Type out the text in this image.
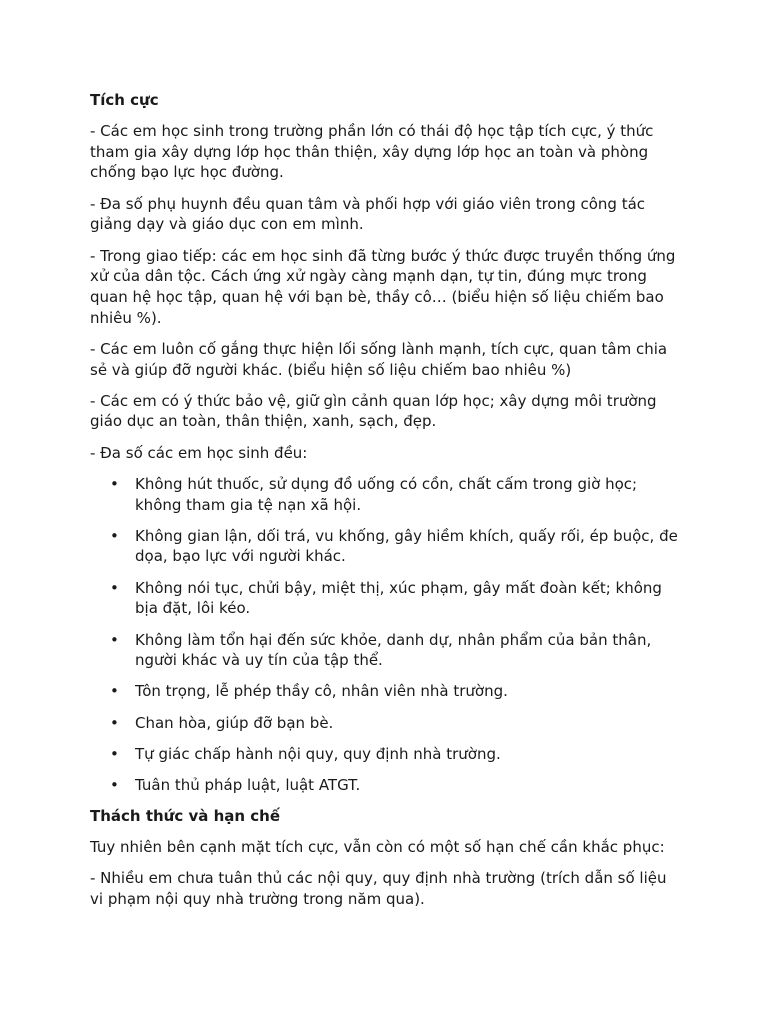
Tích cực

- Các em học sinh trong trường phần lớn có thái độ học tập tích cực, ý thức tham gia xây dựng lớp học thân thiện, xây dựng lớp học an toàn và phòng chống bạo lực học đường.

- Đa số phụ huynh đều quan tâm và phối hợp với giáo viên trong công tác giảng dạy và giáo dục con em mình.

- Trong giao tiếp: các em học sinh đã từng bước ý thức được truyền thống ứng xử của dân tộc. Cách ứng xử ngày càng mạnh dạn, tự tin, đúng mực trong quan hệ học tập, quan hệ với bạn bè, thầy cô… (biểu hiện số liệu chiếm bao nhiêu %).

- Các em luôn cố gắng thực hiện lối sống lành mạnh, tích cực, quan tâm chia sẻ và giúp đỡ người khác. (biểu hiện số liệu chiếm bao nhiêu %)

- Các em có ý thức bảo vệ, giữ gìn cảnh quan lớp học; xây dựng môi trường giáo dục an toàn, thân thiện, xanh, sạch, đẹp.

- Đa số các em học sinh đều:

• Không hút thuốc, sử dụng đồ uống có cồn, chất cấm trong giờ học; không tham gia tệ nạn xã hội.
• Không gian lận, dối trá, vu khống, gây hiềm khích, quấy rối, ép buộc, đe dọa, bạo lực với người khác.
• Không nói tục, chửi bậy, miệt thị, xúc phạm, gây mất đoàn kết; không bịa đặt, lôi kéo.
• Không làm tổn hại đến sức khỏe, danh dự, nhân phẩm của bản thân, người khác và uy tín của tập thể.
• Tôn trọng, lễ phép thầy cô, nhân viên nhà trường.
• Chan hòa, giúp đỡ bạn bè.
• Tự giác chấp hành nội quy, quy định nhà trường.
• Tuân thủ pháp luật, luật ATGT.
Thách thức và hạn chế

Tuy nhiên bên cạnh mặt tích cực, vẫn còn có một số hạn chế cần khắc phục:

- Nhiều em chưa tuân thủ các nội quy, quy định nhà trường (trích dẫn số liệu vi phạm nội quy nhà trường trong năm qua).
